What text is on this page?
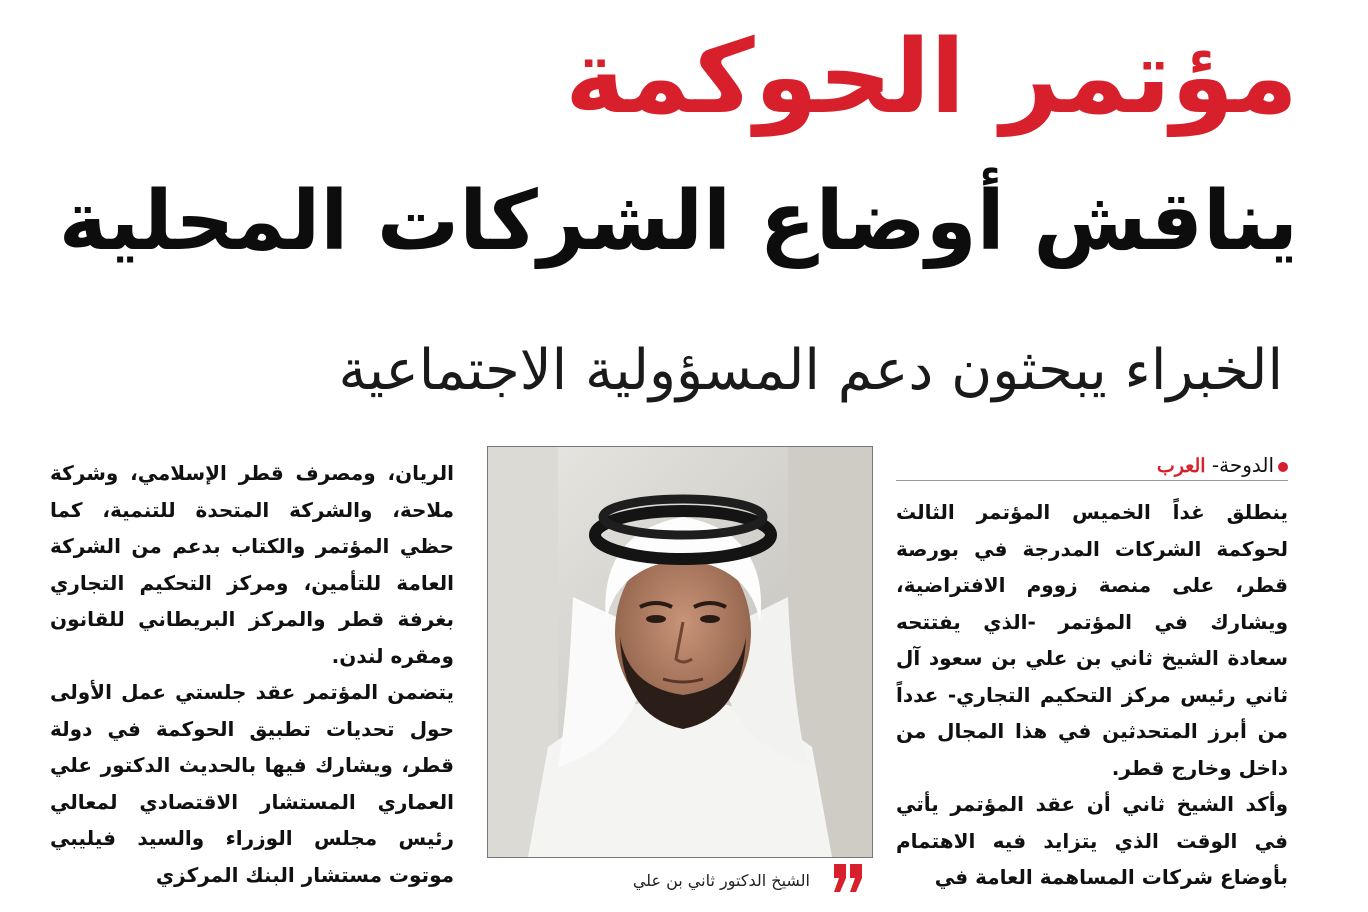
مؤتمر الحوكمة
يناقش أوضاع الشركات المحلية
الخبراء يبحثون دعم المسؤولية الاجتماعية
الدوحة- العرب

ينطلق غداً الخميس المؤتمر الثالث لحوكمة الشركات المدرجة في بورصة قطر، على منصة زووم الافتراضية، ويشارك في المؤتمر -الذي يفتتحه سعادة الشيخ ثاني بن علي بن سعود آل ثاني رئيس مركز التحكيم التجاري- عدداً من أبرز المتحدثين في هذا المجال من داخل وخارج قطر.

وأكد الشيخ ثاني أن عقد المؤتمر يأتي في الوقت الذي يتزايد فيه الاهتمام بأوضاع شركات المساهمة العامة في

الريان، ومصرف قطر الإسلامي، وشركة ملاحة، والشركة المتحدة للتنمية، كما حظي المؤتمر والكتاب بدعم من الشركة العامة للتأمين، ومركز التحكيم التجاري بغرفة قطر والمركز البريطاني للقانون ومقره لندن.

يتضمن المؤتمر عقد جلستي عمل الأولى حول تحديات تطبيق الحوكمة في دولة قطر، ويشارك فيها بالحديث الدكتور علي العماري المستشار الاقتصادي لمعالي رئيس مجلس الوزراء والسيد فيليبي موتوت مستشار البنك المركزي	الشيخ الدكتور ثاني بن علي
